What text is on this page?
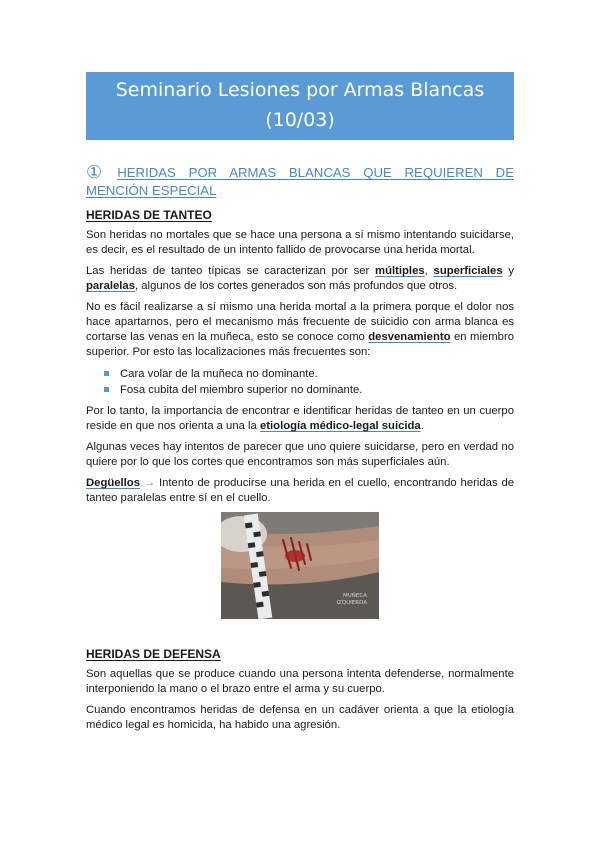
Seminario Lesiones por Armas Blancas
(10/03)
① HERIDAS POR ARMAS BLANCAS QUE REQUIEREN DE MENCIÓN ESPECIAL
HERIDAS DE TANTEO

Son heridas no mortales que se hace una persona a sí mismo intentando suicidarse, es decir, es el resultado de un intento fallido de provocarse una herida mortal.

Las heridas de tanteo típicas se caracterizan por ser múltiples, superficiales y paralelas, algunos de los cortes generados son más profundos que otros.

No es fácil realizarse a sí mismo una herida mortal a la primera porque el dolor nos hace apartarnos, pero el mecanismo más frecuente de suicidio con arma blanca es cortarse las venas en la muñeca, esto se conoce como desvenamiento en miembro superior. Por esto las localizaciones más frecuentes son:

Cara volar de la muñeca no dominante.
Fosa cubita del miembro superior no dominante.

Por lo tanto, la importancia de encontrar e identificar heridas de tanteo en un cuerpo reside en que nos orienta a una la etiología médico-legal suicida.

Algunas veces hay intentos de parecer que uno quiere suicidarse, pero en verdad no quiere por lo que los cortes que encontramos son más superficiales aún.

Degüellos → Intento de producirse una herida en el cuello, encontrando heridas de tanteo paralelas entre sí en el cuello.

MUÑECA
IZQUIERDA
HERIDAS DE DEFENSA

Son aquellas que se produce cuando una persona intenta defenderse, normalmente interponiendo la mano o el brazo entre el arma y su cuerpo.

Cuando encontramos heridas de defensa en un cadáver orienta a que la etiología médico legal es homicida, ha habido una agresión.
